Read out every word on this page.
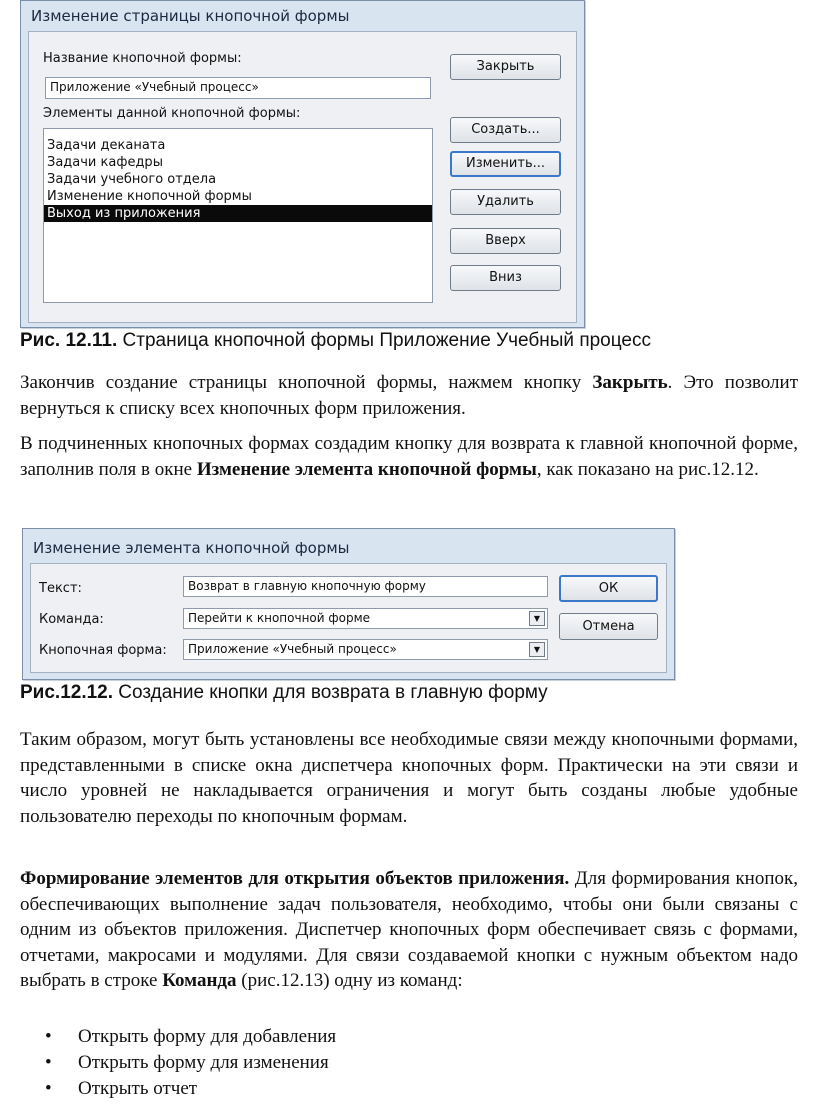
Изменение страницы кнопочной формы
Название кнопочной формы:
Приложение «Учебный процесс»
Элементы данной кнопочной формы:
Задачи деканата
Задачи кафедры
Задачи учебного отдела
Изменение кнопочной формы
Выход из приложения
Закрыть
Создать...
Изменить...
Удалить
Вверх
Вниз
Рис. 12.11. Страница кнопочной формы Приложение Учебный процесс

Закончив создание страницы кнопочной формы, нажмем кнопку Закрыть. Это позволит вернуться к списку всех кнопочных форм приложения.

В подчиненных кнопочных формах создадим кнопку для возврата к главной кнопочной форме, заполнив поля в окне Изменение элемента кнопочной формы, как показано на рис.12.12.

Изменение элемента кнопочной формы
Текст:	Возврат в главную кнопочную форму
Команда:	Перейти к кнопочной форме	▼
Кнопочная форма: Приложение «Учебный процесс»	▼
ОК
Отмена
Рис.12.12. Создание кнопки для возврата в главную форму

Таким образом, могут быть установлены все необходимые связи между кнопочными формами, представленными в списке окна диспетчера кнопочных форм. Практически на эти связи и число уровней не накладывается ограничения и могут быть созданы любые удобные пользователю переходы по кнопочным формам.

Формирование элементов для открытия объектов приложения. Для формирования кнопок, обеспечивающих выполнение задач пользователя, необходимо, чтобы они были связаны с одним из объектов приложения. Диспетчер кнопочных форм обеспечивает связь с формами, отчетами, макросами и модулями. Для связи создаваемой кнопки с нужным объектом надо выбрать в строке Команда (рис.12.13) одну из команд:

• Открыть форму для добавления
• Открыть форму для изменения
• Открыть отчет
